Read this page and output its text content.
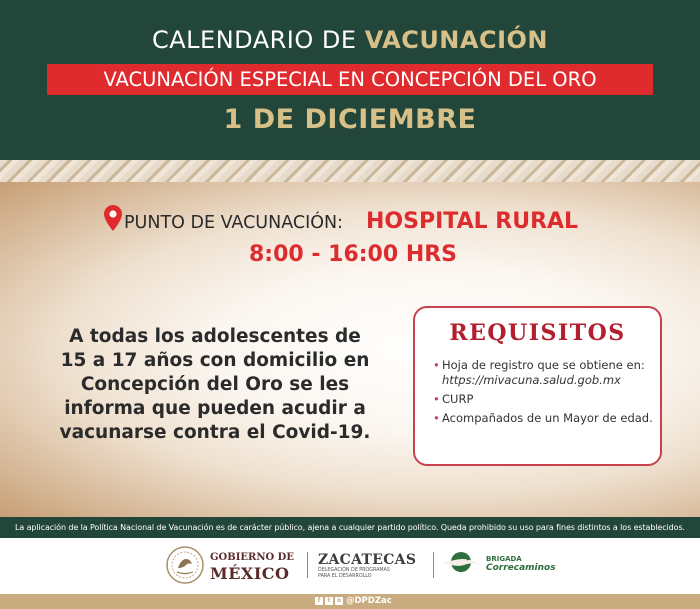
CALENDARIO DE VACUNACIÓN
VACUNACIÓN ESPECIAL EN CONCEPCIÓN DEL ORO
1 DE DICIEMBRE
PUNTO DE VACUNACIÓN: HOSPITAL RURAL
8:00 - 16:00 HRS
A todas los adolescentes de
15 a 17 años con domicilio en
Concepción del Oro se les
informa que pueden acudir a
vacunarse contra el Covid-19.
REQUISITOS
• Hoja de registro que se obtiene en: https://mivacuna.salud.gob.mx
• CURP
• Acompañados de un Mayor de edad.
La aplicación de la Política Nacional de Vacunación es de carácter público, ajena a cualquier partido político. Queda prohibido su uso para fines distintos a los establecidos.
GOBIERNO DE
MÉXICO
ZACATECAS
DELEGACIÓN DE PROGRAMAS
PARA EL DESARROLLO
BRIGADA
Correcaminos
f t o @DPDZac
